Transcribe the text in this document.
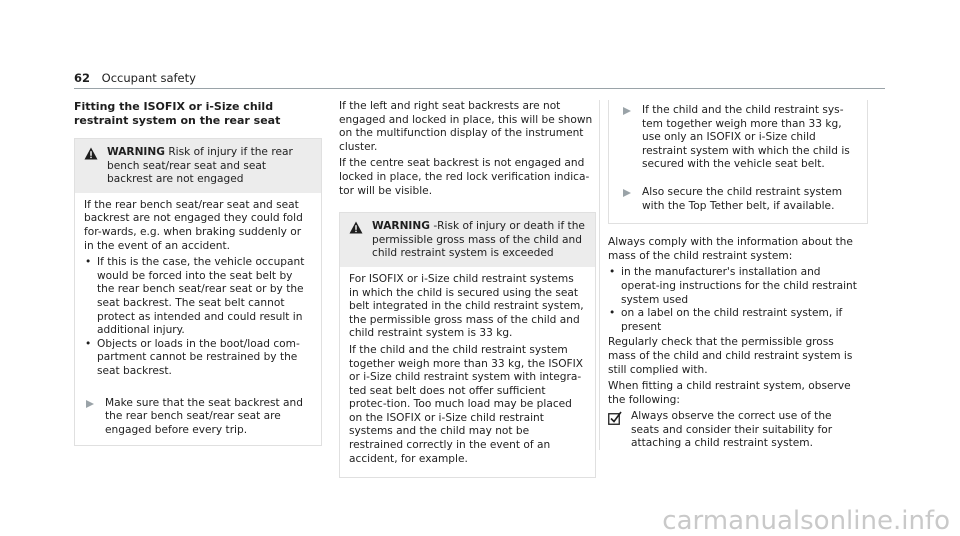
62 Occupant safety
Fitting the ISOFIX or i-Size child restraint system on the rear seat
WARNING Risk of injury if the rear bench seat/rear seat and seat backrest are not engaged

If the rear bench seat/rear seat and seat backrest are not engaged they could fold for-wards, e.g. when braking suddenly or in the event of an accident.

• If this is the case, the vehicle occupant would be forced into the seat belt by the rear bench seat/rear seat or by the seat backrest. The seat belt cannot protect as intended and could result in additional injury.
• Objects or loads in the boot/load com-partment cannot be restrained by the seat backrest.
Make sure that the seat backrest and the rear bench seat/rear seat are engaged before every trip.

If the left and right seat backrests are not engaged and locked in place, this will be shown on the multifunction display of the instrument cluster.

If the centre seat backrest is not engaged and locked in place, the red lock verification indica-tor will be visible.

WARNING -Risk of injury or death if the permissible gross mass of the child and child restraint system is exceeded

For ISOFIX or i-Size child restraint systems in which the child is secured using the seat belt integrated in the child restraint system, the permissible gross mass of the child and child restraint system is 33 kg.

If the child and the child restraint system together weigh more than 33 kg, the ISOFIX or i-Size child restraint system with integra-ted seat belt does not offer sufficient protec-tion. Too much load may be placed on the ISOFIX or i-Size child restraint systems and the child may not be restrained correctly in the event of an accident, for example.

If the child and the child restraint sys-tem together weigh more than 33 kg, use only an ISOFIX or i-Size child restraint system with which the child is secured with the vehicle seat belt.
Also secure the child restraint system with the Top Tether belt, if available.

Always comply with the information about the mass of the child restraint system:

• in the manufacturer's installation and operat-ing instructions for the child restraint system used
• on a label on the child restraint system, if present

Regularly check that the permissible gross mass of the child and child restraint system is still complied with.

When fitting a child restraint system, observe the following:

Always observe the correct use of the seats and consider their suitability for attaching a child restraint system.
carmanualsonline.info
